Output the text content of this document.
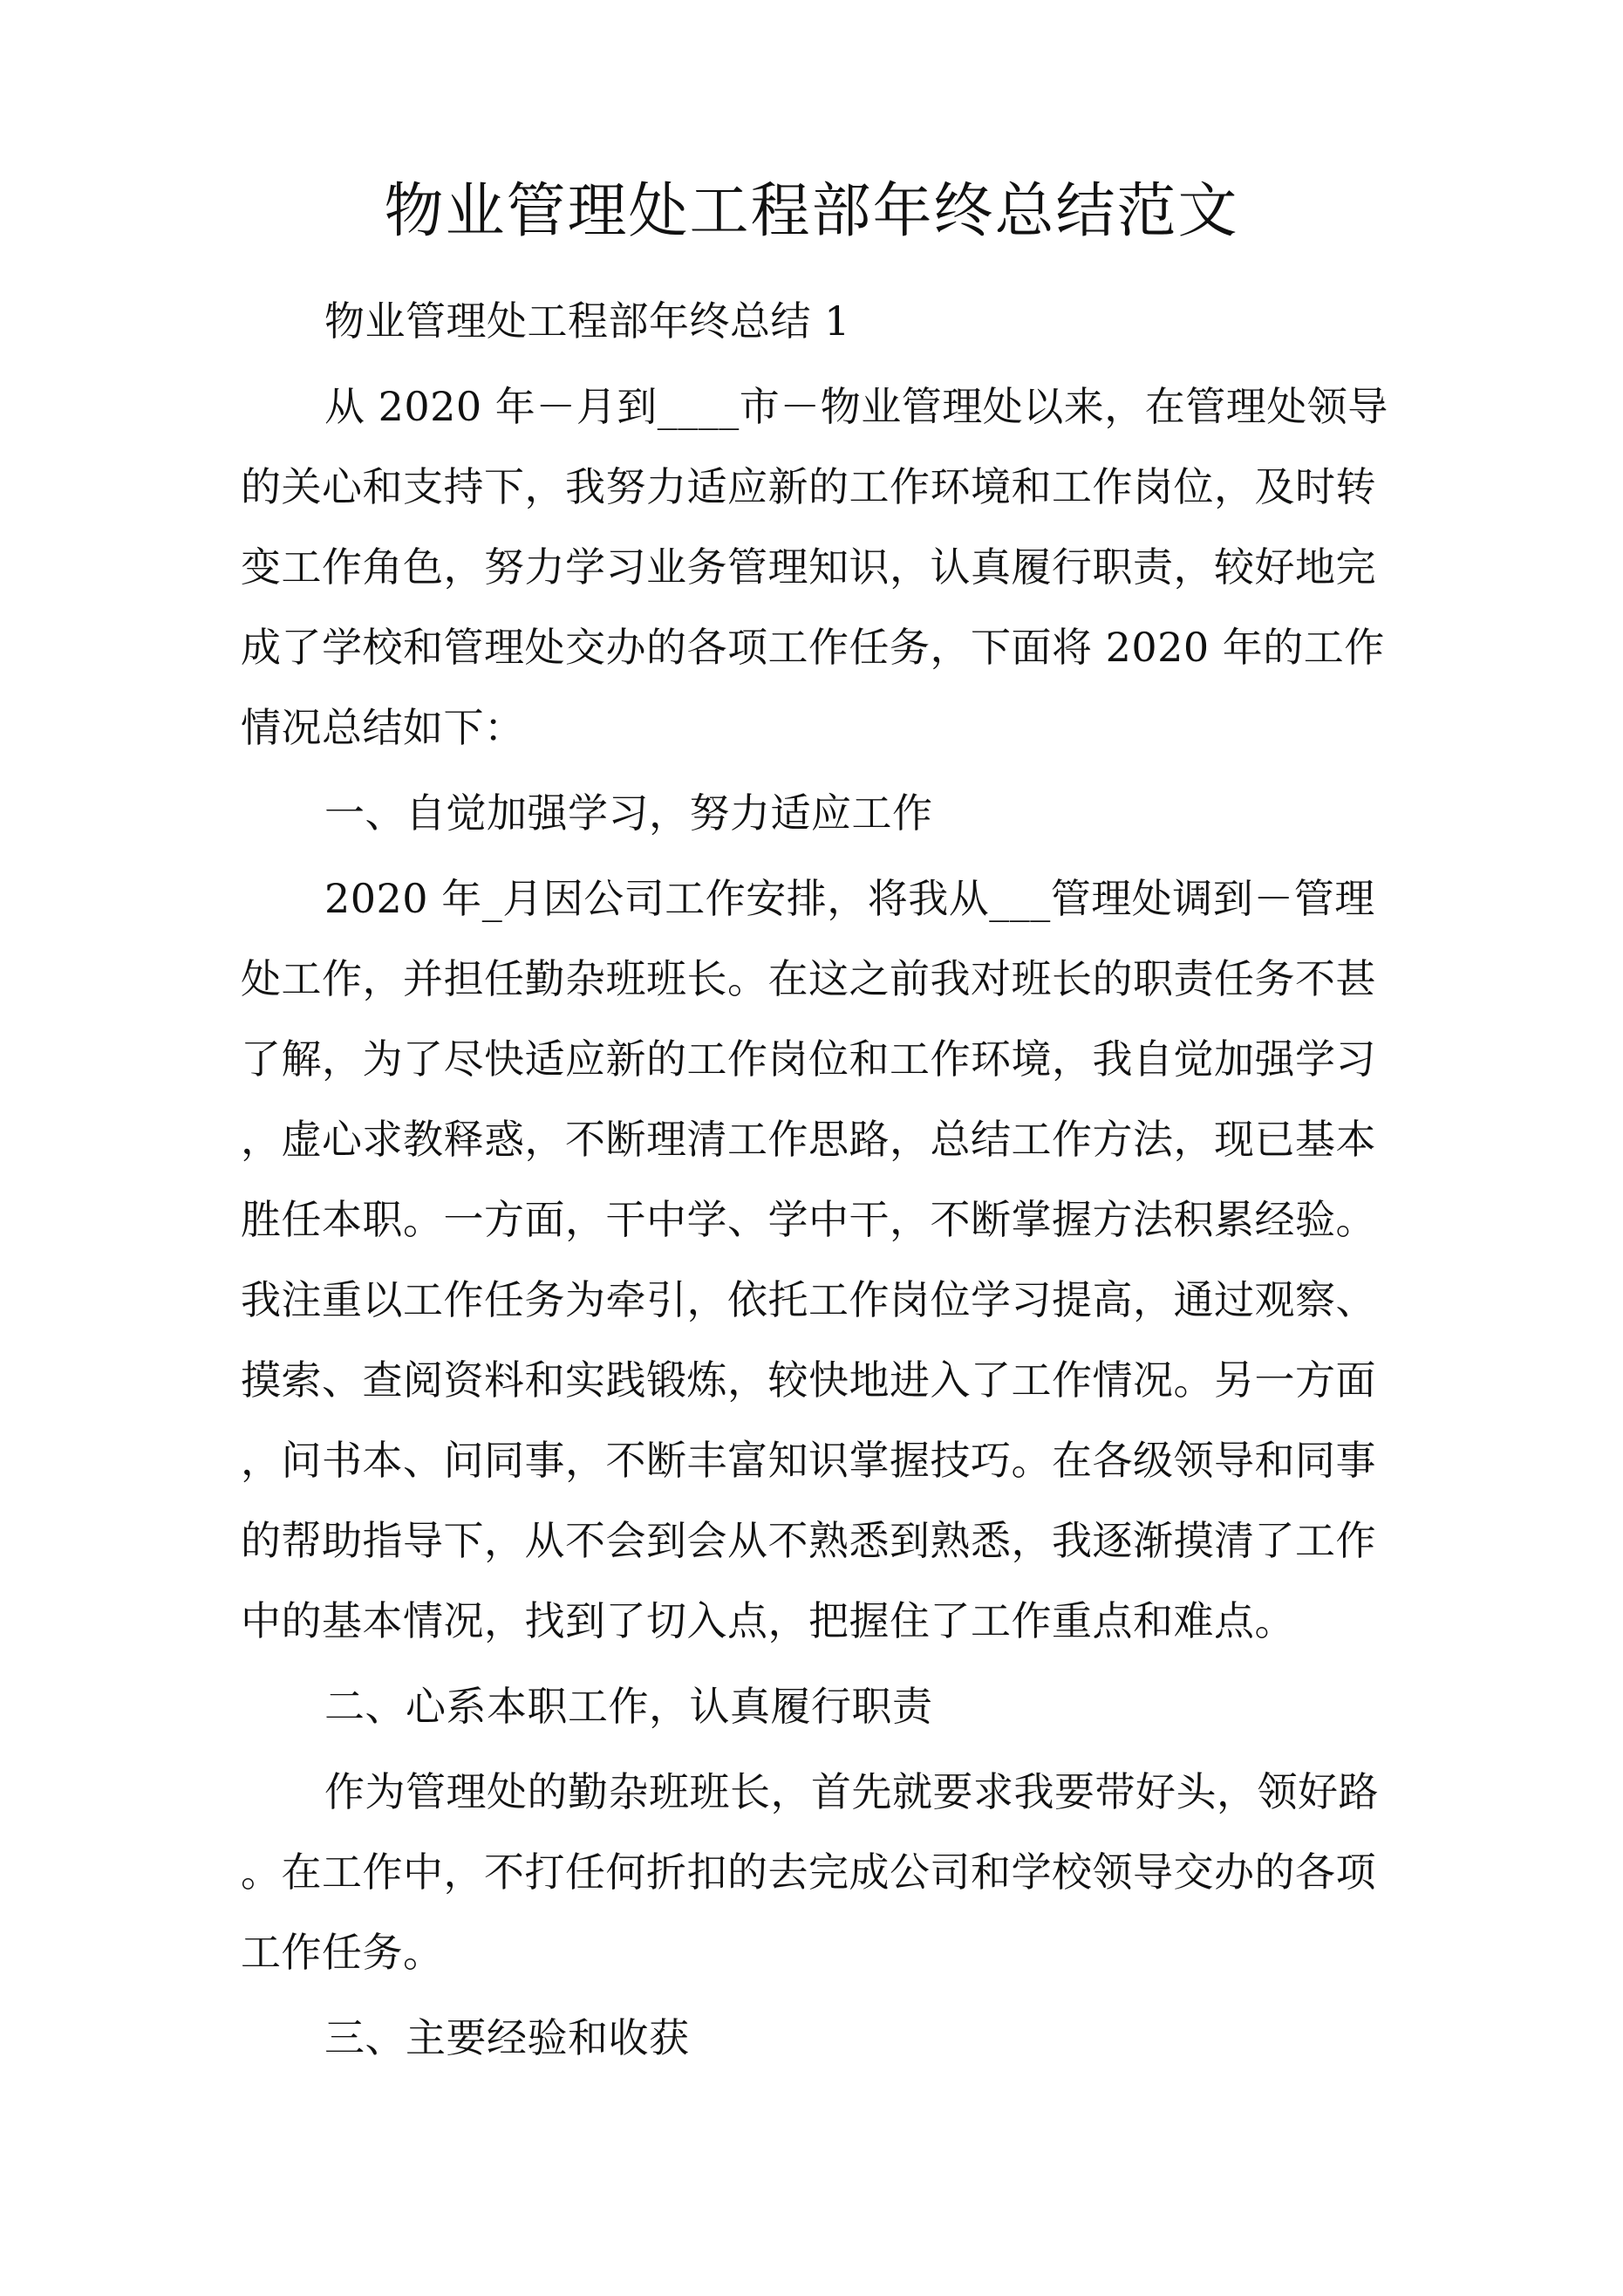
物业管理处工程部年终总结范文
物业管理处工程部年终总结 1
从 2020 年－月到____市－物业管理处以来，在管理处领导
的关心和支持下，我努力适应新的工作环境和工作岗位，及时转
变工作角色，努力学习业务管理知识，认真履行职责，较好地完
成了学校和管理处交办的各项工作任务，下面将 2020 年的工作
情况总结如下：
一、自觉加强学习，努力适应工作
2020 年_月因公司工作安排，将我从___管理处调到－管理
处工作，并担任勤杂班班长。在这之前我对班长的职责任务不甚
了解，为了尽快适应新的工作岗位和工作环境，我自觉加强学习
，虚心求教释惑，不断理清工作思路，总结工作方法，现已基本
胜任本职。一方面，干中学、学中干，不断掌握方法积累经验。
我注重以工作任务为牵引，依托工作岗位学习提高，通过观察、
摸索、查阅资料和实践锻炼，较快地进入了工作情况。另一方面
，问书本、问同事，不断丰富知识掌握技巧。在各级领导和同事
的帮助指导下，从不会到会从不熟悉到熟悉，我逐渐摸清了工作
中的基本情况，找到了切入点，把握住了工作重点和难点。
二、心系本职工作，认真履行职责
作为管理处的勤杂班班长，首先就要求我要带好头，领好路
。在工作中，不打任何折扣的去完成公司和学校领导交办的各项
工作任务。
三、主要经验和收获
